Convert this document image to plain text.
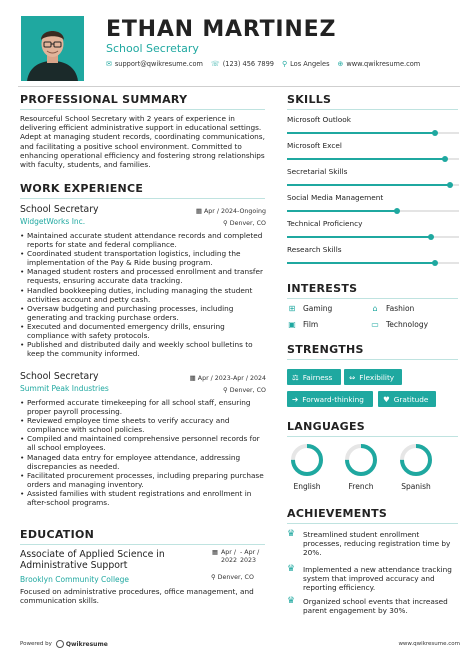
ETHAN MARTINEZ
School Secretary
✉ support@qwikresume.com ☏ (123) 456 7899 ⚲ Los Angeles ⊕ www.qwikresume.com
PROFESSIONAL SUMMARY
Resourceful School Secretary with 2 years of experience in delivering efficient administrative support in educational settings. Adept at managing student records, coordinating communications, and facilitating a positive school environment. Committed to enhancing operational efficiency and fostering strong relationships with faculty, students, and families.
WORK EXPERIENCE
School Secretary
WidgetWorks Inc.
▦ Apr / 2024-Ongoing
⚲ Denver, CO
• Maintained accurate student attendance records and completed reports for state and federal compliance.
• Coordinated student transportation logistics, including the implementation of the Pay & Ride busing program.
• Managed student rosters and processed enrollment and transfer requests, ensuring accurate data tracking.
• Handled bookkeeping duties, including managing the student activities account and petty cash.
• Oversaw budgeting and purchasing processes, including generating and tracking purchase orders.
• Executed and documented emergency drills, ensuring compliance with safety protocols.
• Published and distributed daily and weekly school bulletins to keep the community informed.
School Secretary
Summit Peak Industries
▦ Apr / 2023-Apr / 2024
⚲ Denver, CO
• Performed accurate timekeeping for all school staff, ensuring proper payroll processing.
• Reviewed employee time sheets to verify accuracy and compliance with school policies.
• Compiled and maintained comprehensive personnel records for all school employees.
• Managed data entry for employee attendance, addressing discrepancies as needed.
• Facilitated procurement processes, including preparing purchase orders and managing inventory.
• Assisted families with student registrations and enrollment in after-school programs.
EDUCATION
Associate of Applied Science in Administrative Support
▦ Apr /
2022
- Apr /
2023
⚲ Denver, CO
Brooklyn Community College
Focused on administrative procedures, office management, and communication skills.
SKILLS
Microsoft Outlook
Microsoft Excel
Secretarial Skills
Social Media Management
Technical Proficiency
Research Skills
INTERESTS
⊞ Gaming	⌂	Fashion
▣ Film	▭ Technology
STRENGTHS
⚖ Fairness ⇔ Flexibility
➔ Forward-thinking	♥ Gratitude
LANGUAGES
English	French	Spanish
ACHIEVEMENTS
♛ Streamlined student enrollment processes, reducing registration time by 20%.
♛ Implemented a new attendance tracking system that improved accuracy and reporting efficiency.
♛ Organized school events that increased parent engagement by 30%.
Powered by Qwikresume	www.qwikresume.com
